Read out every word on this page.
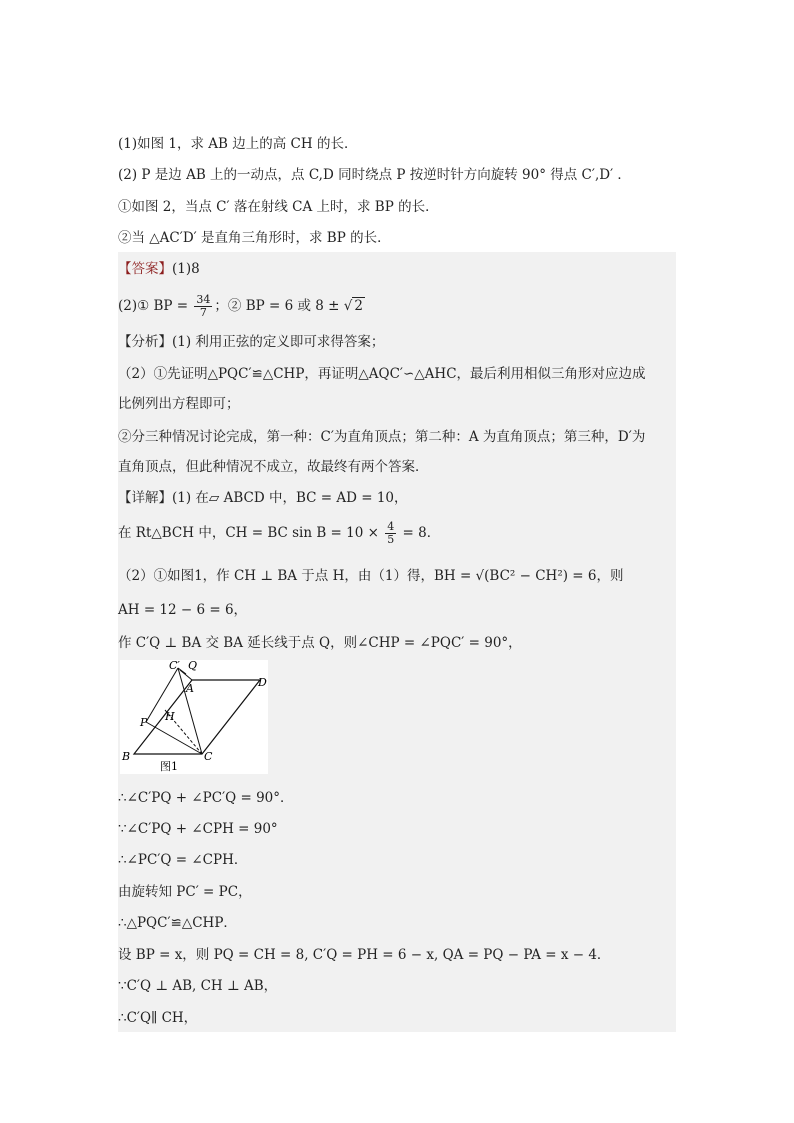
(1)如图 1，求 AB 边上的高 CH 的长．
(2) P 是边 AB 上的一动点，点 C,D 同时绕点 P 按逆时针方向旋转 90° 得点 C′,D′ ．
①如图 2，当点 C′ 落在射线 CA 上时，求 BP 的长．
②当 △AC′D′ 是直角三角形时，求 BP 的长．
【答案】(1)8
(2)① BP = $\frac{34}{7}$ ；② BP = 6 或 8 ± √ 2
【分析】(1) 利用正弦的定义即可求得答案；
（2）①先证明△PQC′≌△CHP，再证明△AQC′∽△AHC，最后利用相似三角形对应边成
比例列出方程即可；
②分三种情况讨论完成，第一种：C′为直角顶点；第二种：A 为直角顶点；第三种，D′为
直角顶点，但此种情况不成立，故最终有两个答案．
【详解】(1) 在▱ ABCD 中，BC = AD = 10，
在 Rt△BCH 中，CH = BC $\sin B = 10 \times \frac{4}{5} = 8$．
（2）①如图1，作 CH ⊥ BA 于点 H，由（1）得，BH = √(BC² − CH²) = 6，则
AH = 12 − 6 = 6，
作 C′Q ⊥ BA 交 BA 延长线于点 Q，则∠CHP = ∠PQC′ = 90°，
C′ Q
A	D
P H
B	C
图1
∴∠C′PQ + ∠PC′Q = 90°．
∵∠C′PQ + ∠CPH = 90°
∴∠PC′Q = ∠CPH．
由旋转知 PC′ = PC，
∴△PQC′≌△CHP．
设 BP = x，则 PQ = CH = 8, C′Q = PH = 6 − x, QA = PQ − PA = x − 4．
∵C′Q ⊥ AB, CH ⊥ AB，
∴C′Q∥ CH，
